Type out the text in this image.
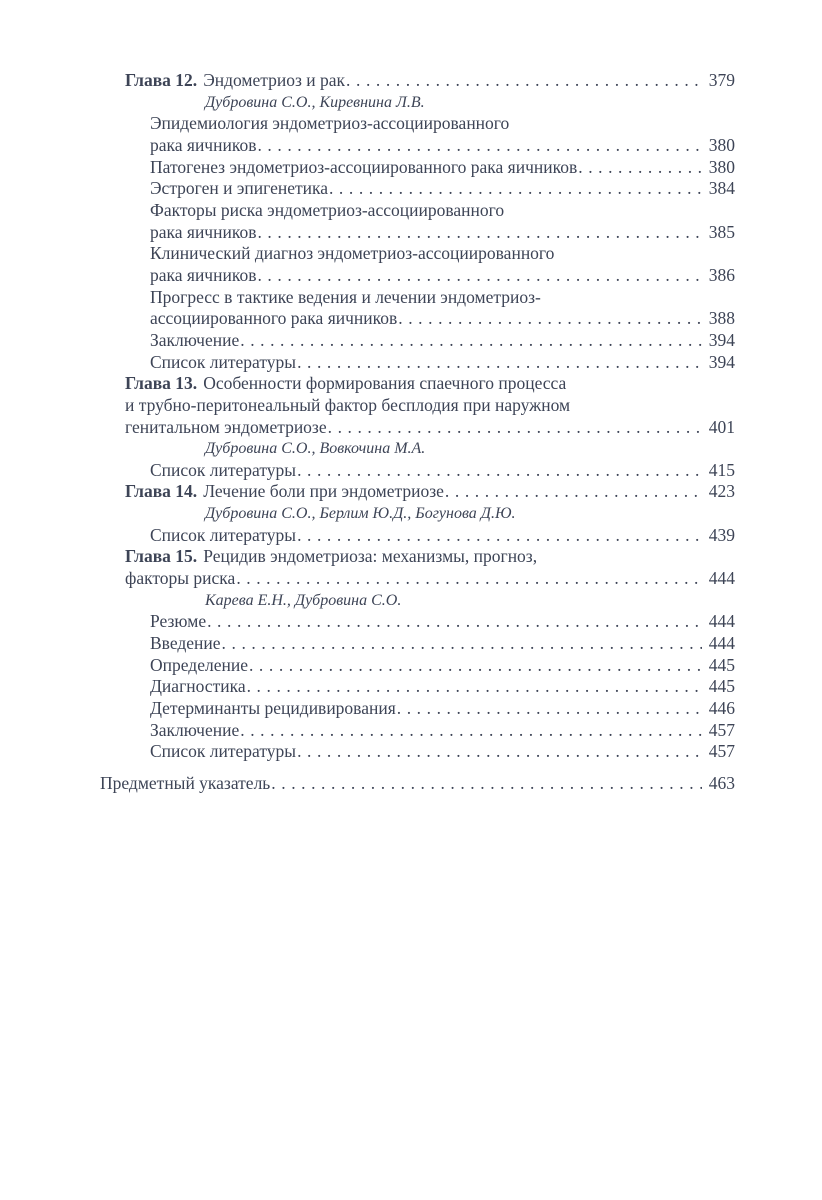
Глава 12. Эндометриоз и рак . . .	379
Дубровина С.О., Киревнина Л.В.
Эпидемиология эндометриоз-ассоциированного
рака яичников . . .	380
Патогенез эндометриоз-ассоциированного рака яичников . . .	380
Эстроген и эпигенетика . . .	384
Факторы риска эндометриоз-ассоциированного
рака яичников . . .	385
Клинический диагноз эндометриоз-ассоциированного
рака яичников . . .	386
Прогресс в тактике ведения и лечении эндометриоз-
ассоциированного рака яичников . . .	388
Заключение . . .	394
Список литературы . . .	394
Глава 13. Особенности формирования спаечного процесса
и трубно-перитонеальный фактор бесплодия при наружном
генитальном эндометриозе . . .	401
Дубровина С.О., Вовкочина М.А.
Список литературы . . .	415
Глава 14. Лечение боли при эндометриозе . . .	423
Дубровина С.О., Берлим Ю.Д., Богунова Д.Ю.
Список литературы . . .	439
Глава 15. Рецидив эндометриоза: механизмы, прогноз,
факторы риска . . .	444
Карева Е.Н., Дубровина С.О.
Резюме . . .	444
Введение . . .	444
Определение . . .	445
Диагностика . . .	445
Детерминанты рецидивирования . . .	446
Заключение . . .	457
Список литературы . . .	457
Предметный указатель . . .	463
